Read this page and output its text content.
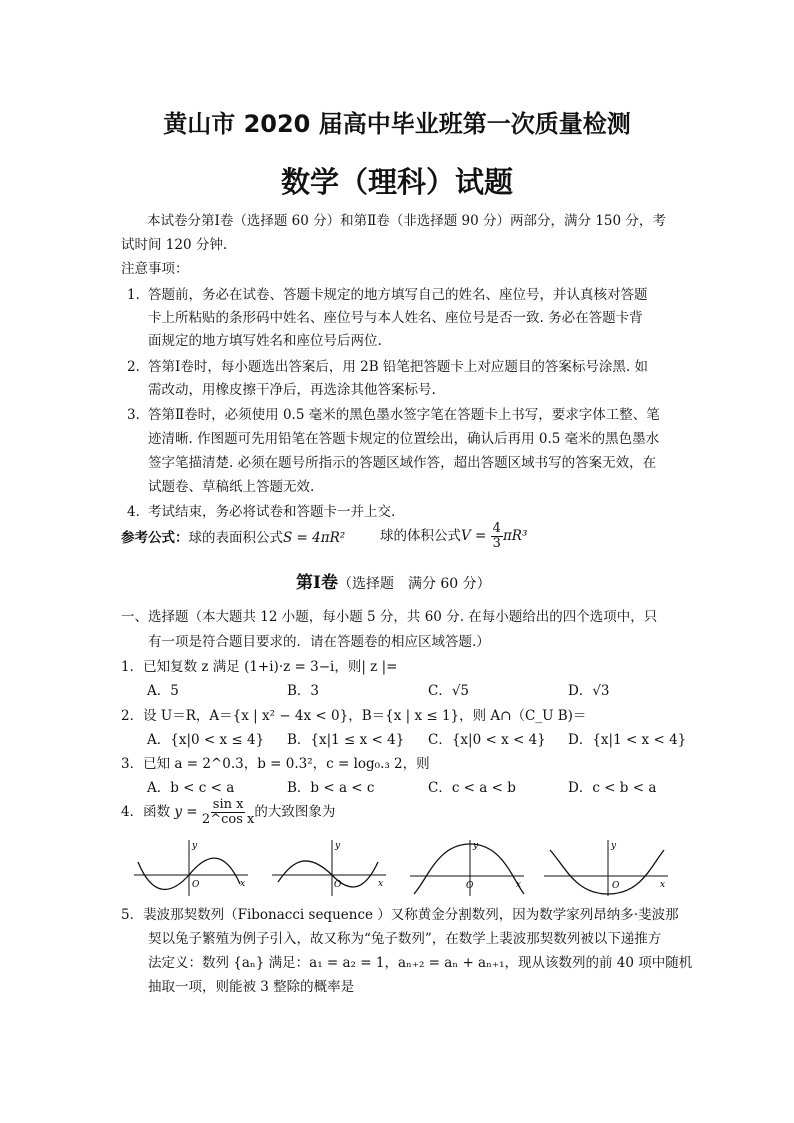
黄山市 2020 届高中毕业班第一次质量检测
数学（理科）试题
本试卷分第Ⅰ卷（选择题 60 分）和第Ⅱ卷（非选择题 90 分）两部分，满分 150 分，考
试时间 120 分钟.
注意事项：
1．
答题前，务必在试卷、答题卡规定的地方填写自己的姓名、座位号，并认真核对答题
卡上所粘贴的条形码中姓名、座位号与本人姓名、座位号是否一致. 务必在答题卡背
面规定的地方填写姓名和座位号后两位.
2．
答第Ⅰ卷时，每小题选出答案后，用 2B 铅笔把答题卡上对应题目的答案标号涂黑. 如
需改动，用橡皮擦干净后，再选涂其他答案标号.
3．
答第Ⅱ卷时，必须使用 0.5 毫米的黑色墨水签字笔在答题卡上书写，要求字体工整、笔
迹清晰. 作图题可先用铅笔在答题卡规定的位置绘出，确认后再用 0.5 毫米的黑色墨水
签字笔描清楚. 必须在题号所指示的答题区域作答，超出答题区域书写的答案无效，在
试题卷、草稿纸上答题无效.
4．
考试结束，务必将试卷和答题卡一并上交.
参考公式：球的表面积公式S = 4πR²	球的体积公式$V = \frac{4}{3} \pi R^3$
第Ⅰ卷（选择题　满分 60 分）
一、选择题（本大题共 12 小题，每小题 5 分，共 60 分. 在每小题给出的四个选项中，只
有一项是符合题目要求的．请在答题卷的相应区域答题.）
1．已知复数 z 满足 (1+i)·z = 3−i，则| z |=
A．5	B．3	C．√5	D．√3
2．设 U＝R，A＝{x | x² − 4x < 0}，B＝{x | x ≤ 1}，则 A∩（C_U B)＝
A．{x|0 < x ≤ 4} B．{x|1 ≤ x < 4} C．{x|0 < x < 4} D．{x|1 < x < 4}
3．已知 a = 2^0.3，b = 0.3²，c = log₀.₃ 2，则
A．b < c < a	B．b < a < c	C．c < a < b	D．c < b < a
4．函数 $y = \frac{\text{sin x}}{\text{2\textasciicircum{}cos x}}$ 的大致图象为
y
x
O
y
x
O
y
x
O
y
x
O
5．裴波那契数列（Fibonacci sequence ）又称黄金分割数列，因为数学家列昂纳多·斐波那
契以兔子繁殖为例子引入，故又称为“兔子数列”，在数学上裴波那契数列被以下递推方
法定义：数列 {aₙ} 满足：a₁ = a₂ = 1，aₙ₊₂ = aₙ + aₙ₊₁，现从该数列的前 40 项中随机
抽取一项，则能被 3 整除的概率是
